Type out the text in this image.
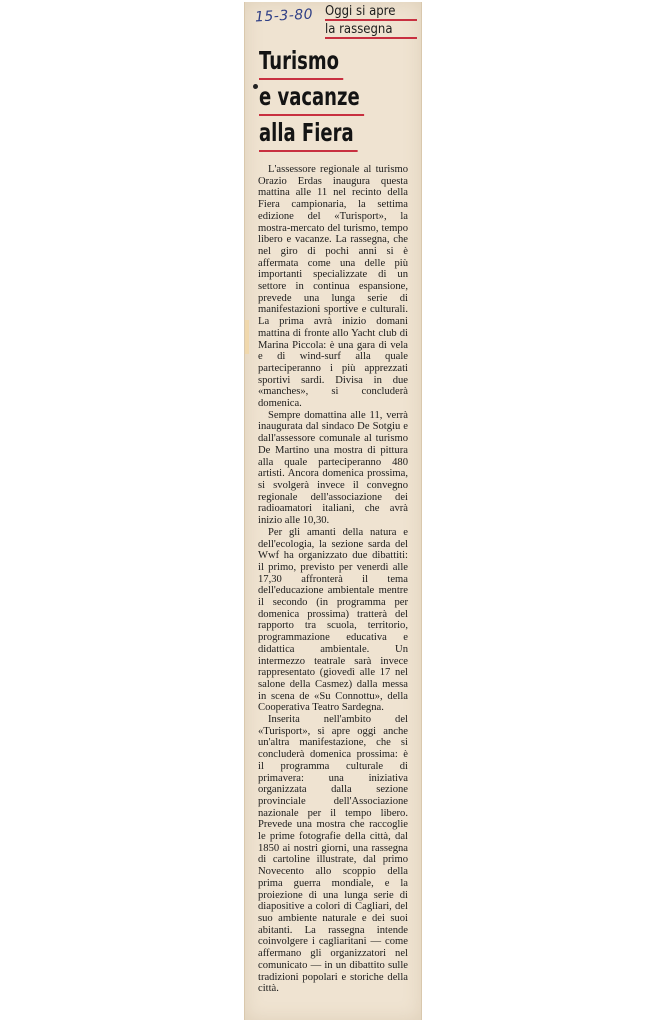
15-3-80 Oggi si apre
la rassegna
Turismo
e vacanze
alla Fiera

L'assessore regionale al turismo Orazio Erdas inaugura questa mattina alle 11 nel recinto della Fiera campionaria, la settima edizione del «Turisport», la mostra-mercato del turismo, tempo libero e vacanze. La rassegna, che nel giro di pochi anni si è affermata come una delle più importanti specializzate di un settore in continua espansione, prevede una lunga serie di manifestazioni sportive e culturali. La prima avrà inizio domani mattina di fronte allo Yacht club di Marina Piccola: è una gara di vela e di wind-surf alla quale parteciperanno i più apprezzati sportivi sardi. Divisa in due «manches», si concluderà domenica.

Sempre domattina alle 11, verrà inaugurata dal sindaco De Sotgiu e dall'assessore comunale al turismo De Martino una mostra di pittura alla quale parteciperanno 480 artisti. Ancora domenica prossima, si svolgerà invece il convegno regionale dell'associazione dei radioamatori italiani, che avrà inizio alle 10,30.

Per gli amanti della natura e dell'ecologia, la sezione sarda del Wwf ha organizzato due dibattiti: il primo, previsto per venerdì alle 17,30 affronterà il tema dell'educazione ambientale mentre il secondo (in programma per domenica prossima) tratterà del rapporto tra scuola, territorio, programmazione educativa e didattica ambientale. Un intermezzo teatrale sarà invece rappresentato (giovedì alle 17 nel salone della Casmez) dalla messa in scena de «Su Connottu», della Cooperativa Teatro Sardegna.

Inserita nell'ambito del «Turisport», si apre oggi anche un'altra manifestazione, che si concluderà domenica prossima: è il programma culturale di primavera: una iniziativa organizzata dalla sezione provinciale dell'Associazione nazionale per il tempo libero. Prevede una mostra che raccoglie le prime fotografie della città, dal 1850 ai nostri giorni, una rassegna di cartoline illustrate, dal primo Novecento allo scoppio della prima guerra mondiale, e la proiezione di una lunga serie di diapositive a colori di Cagliari, del suo ambiente naturale e dei suoi abitanti. La rassegna intende coinvolgere i cagliaritani — come affermano gli organizzatori nel comunicato — in un dibattito sulle tradizioni popolari e storiche della città.
